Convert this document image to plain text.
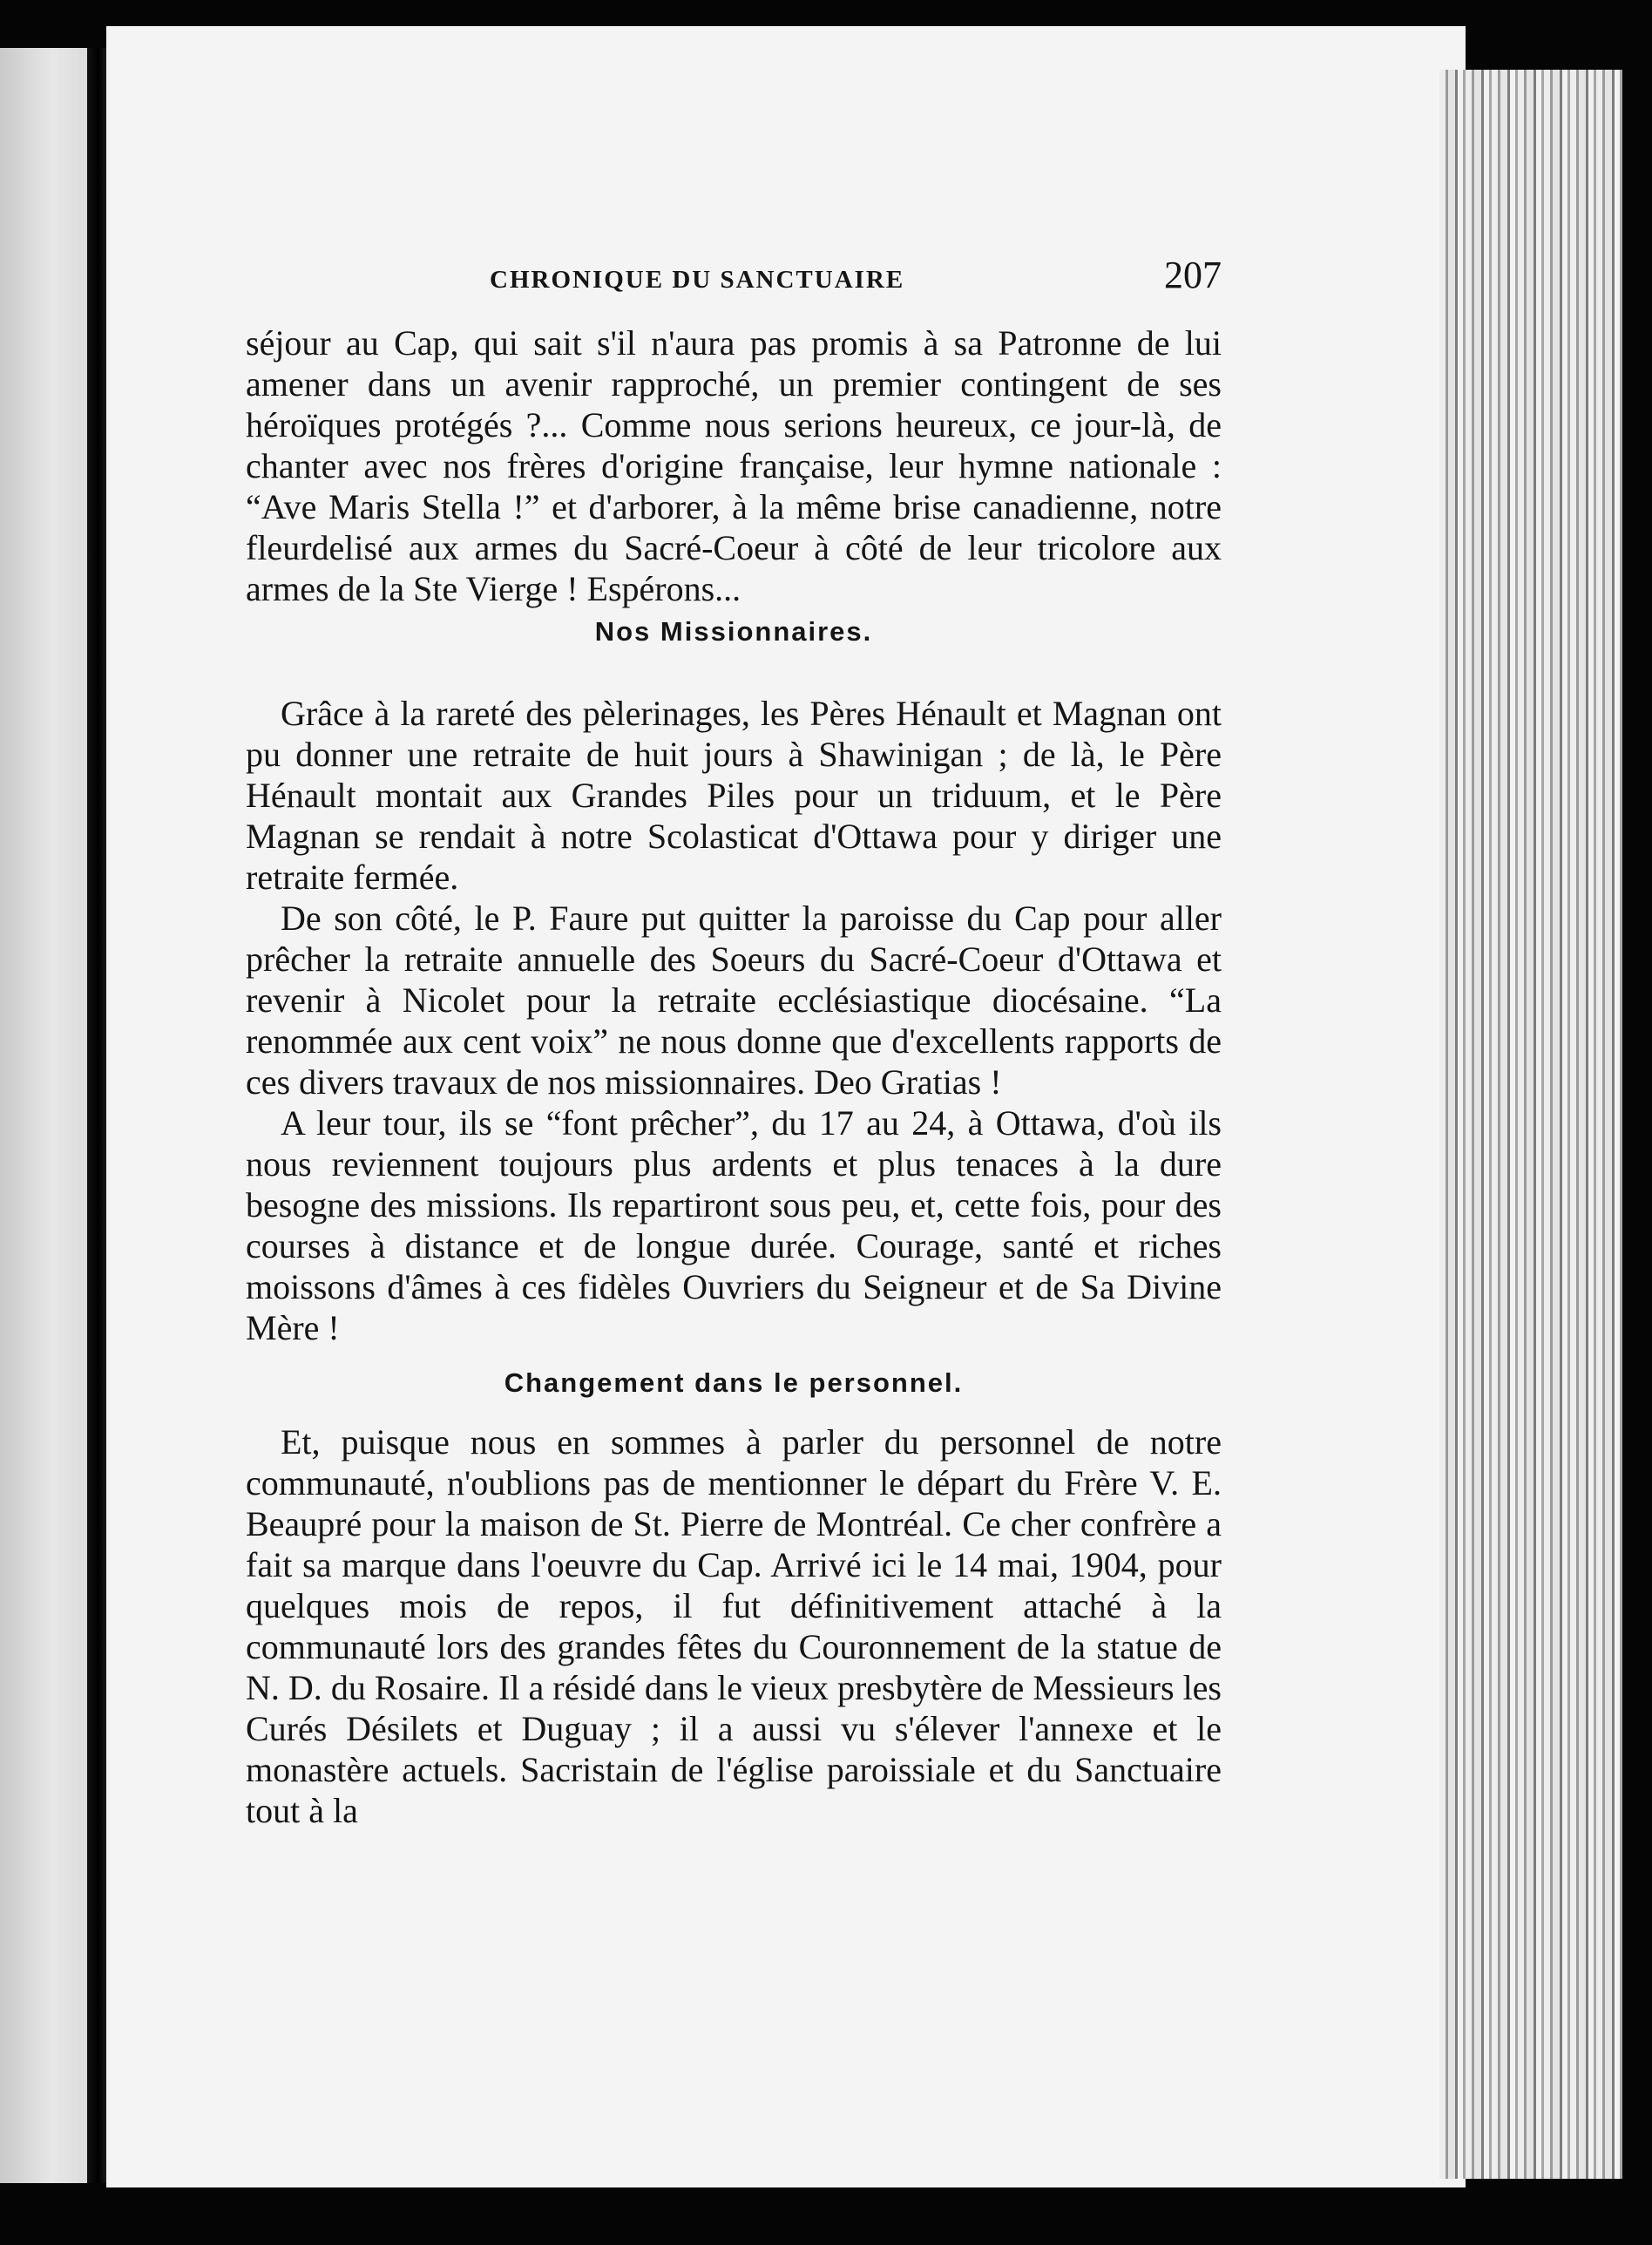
CHRONIQUE DU SANCTUAIRE	207

séjour au Cap, qui sait s'il n'aura pas promis à sa Patronne de lui amener dans un avenir rapproché, un premier contingent de ses héroïques protégés ?... Comme nous serions heureux, ce jour-là, de chanter avec nos frères d'origine française, leur hymne nationale : “Ave Maris Stella !” et d'arborer, à la même brise canadienne, notre fleurdelisé aux armes du Sacré-Coeur à côté de leur tricolore aux armes de la Ste Vierge ! Espérons...

Nos Missionnaires.

Grâce à la rareté des pèlerinages, les Pères Hénault et Magnan ont pu donner une retraite de huit jours à Shawinigan ; de là, le Père Hénault montait aux Grandes Piles pour un triduum, et le Père Magnan se rendait à notre Scolasticat d'Ottawa pour y diriger une retraite fermée.

De son côté, le P. Faure put quitter la paroisse du Cap pour aller prêcher la retraite annuelle des Soeurs du Sacré-Coeur d'Ottawa et revenir à Nicolet pour la retraite ecclésiastique diocésaine. “La renommée aux cent voix” ne nous donne que d'excellents rapports de ces divers travaux de nos missionnaires. Deo Gratias !

A leur tour, ils se “font prêcher”, du 17 au 24, à Ottawa, d'où ils nous reviennent toujours plus ardents et plus tenaces à la dure besogne des missions. Ils repartiront sous peu, et, cette fois, pour des courses à distance et de longue durée. Courage, santé et riches moissons d'âmes à ces fidèles Ouvriers du Seigneur et de Sa Divine Mère !

Changement dans le personnel.

Et, puisque nous en sommes à parler du personnel de notre communauté, n'oublions pas de mentionner le départ du Frère V. E. Beaupré pour la maison de St. Pierre de Montréal. Ce cher confrère a fait sa marque dans l'oeuvre du Cap. Arrivé ici le 14 mai, 1904, pour quelques mois de repos, il fut définitivement attaché à la communauté lors des grandes fêtes du Couronnement de la statue de N. D. du Rosaire. Il a résidé dans le vieux presbytère de Messieurs les Curés Désilets et Duguay ; il a aussi vu s'élever l'annexe et le monastère actuels. Sacristain de l'église paroissiale et du Sanctuaire tout à la
